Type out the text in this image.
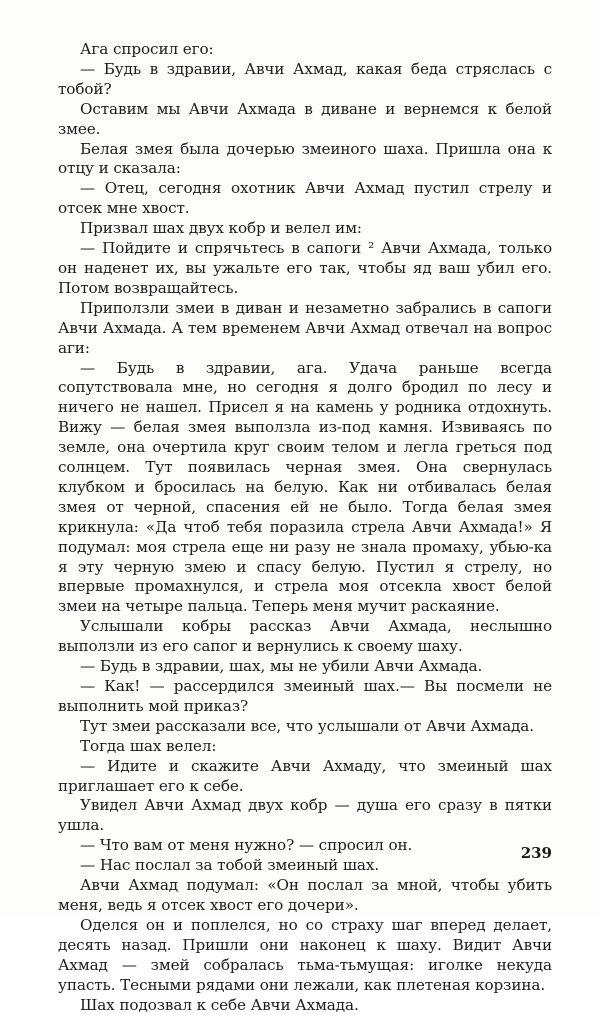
Ага спросил его:

— Будь в здравии, Авчи Ахмад, какая беда стряслась с тобой?

Оставим мы Авчи Ахмада в диване и вернемся к белой змее.

Белая змея была дочерью змеиного шаха. Пришла она к отцу и сказала:

— Отец, сегодня охотник Авчи Ахмад пустил стрелу и отсек мне хвост.

Призвал шах двух кобр и велел им:

— Пойдите и спрячьтесь в сапоги ² Авчи Ахмада, только он наденет их, вы ужальте его так, чтобы яд ваш убил его. Потом возвращайтесь.

Приползли змеи в диван и незаметно забрались в сапоги Авчи Ахмада. А тем временем Авчи Ахмад отвечал на вопрос аги:

— Будь в здравии, ага. Удача раньше всегда сопутствовала мне, но сегодня я долго бродил по лесу и ничего не нашел. Присел я на камень у родника отдохнуть. Вижу — белая змея выползла из-под камня. Извиваясь по земле, она очертила круг своим телом и легла греться под солнцем. Тут появилась черная змея. Она свернулась клубком и бросилась на белую. Как ни отбивалась белая змея от черной, спасения ей не было. Тогда белая змея крикнула: «Да чтоб тебя поразила стрела Авчи Ахмада!» Я подумал: моя стрела еще ни разу не знала промаху, убью-ка я эту черную змею и спасу белую. Пустил я стрелу, но впервые промахнулся, и стрела моя отсекла хвост белой змеи на четыре пальца. Теперь меня мучит раскаяние.

Услышали кобры рассказ Авчи Ахмада, неслышно выползли из его сапог и вернулись к своему шаху.

— Будь в здравии, шах, мы не убили Авчи Ахмада.

— Как! — рассердился змеиный шах.— Вы посмели не выполнить мой приказ?

Тут змеи рассказали все, что услышали от Авчи Ахмада.

Тогда шах велел:

— Идите и скажите Авчи Ахмаду, что змеиный шах приглашает его к себе.

Увидел Авчи Ахмад двух кобр — душа его сразу в пятки ушла.

— Что вам от меня нужно? — спросил он.

— Нас послал за тобой змеиный шах.

Авчи Ахмад подумал: «Он послал за мной, чтобы убить меня, ведь я отсек хвост его дочери».

Оделся он и поплелся, но со страху шаг вперед делает, десять назад. Пришли они наконец к шаху. Видит Авчи Ахмад — змей собралась тьма-тьмущая: иголке некуда упасть. Тесными рядами они лежали, как плетеная корзина.

Шах подозвал к себе Авчи Ахмада.

239
